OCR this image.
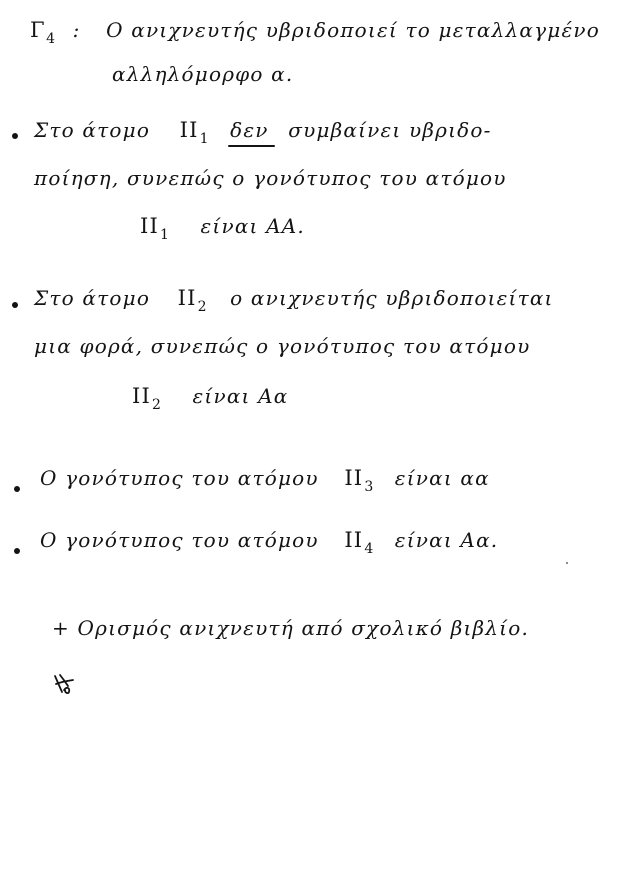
$\Gamma_4$ : Ο ανιχνευτής υβριδοποιεί το μεταλλαγμένο
αλληλόμορφο α.
Στο άτομο $II_1$ δεν συμβαίνει υβριδο-
ποίηση, συνεπώς ο γονότυπος του ατόμου
$II_1$ είναι ΑΑ.
Στο άτομο $II_2$ ο ανιχνευτής υβριδοποιείται
μια φορά, συνεπώς ο γονότυπος του ατόμου
$II_2$ είναι Αα
Ο γονότυπος του ατόμου $II_3$ είναι αα
Ο γονότυπος του ατόμου $II_4$ είναι Αα.
+ Ορισμός ανιχνευτή από σχολικό βιβλίο.
